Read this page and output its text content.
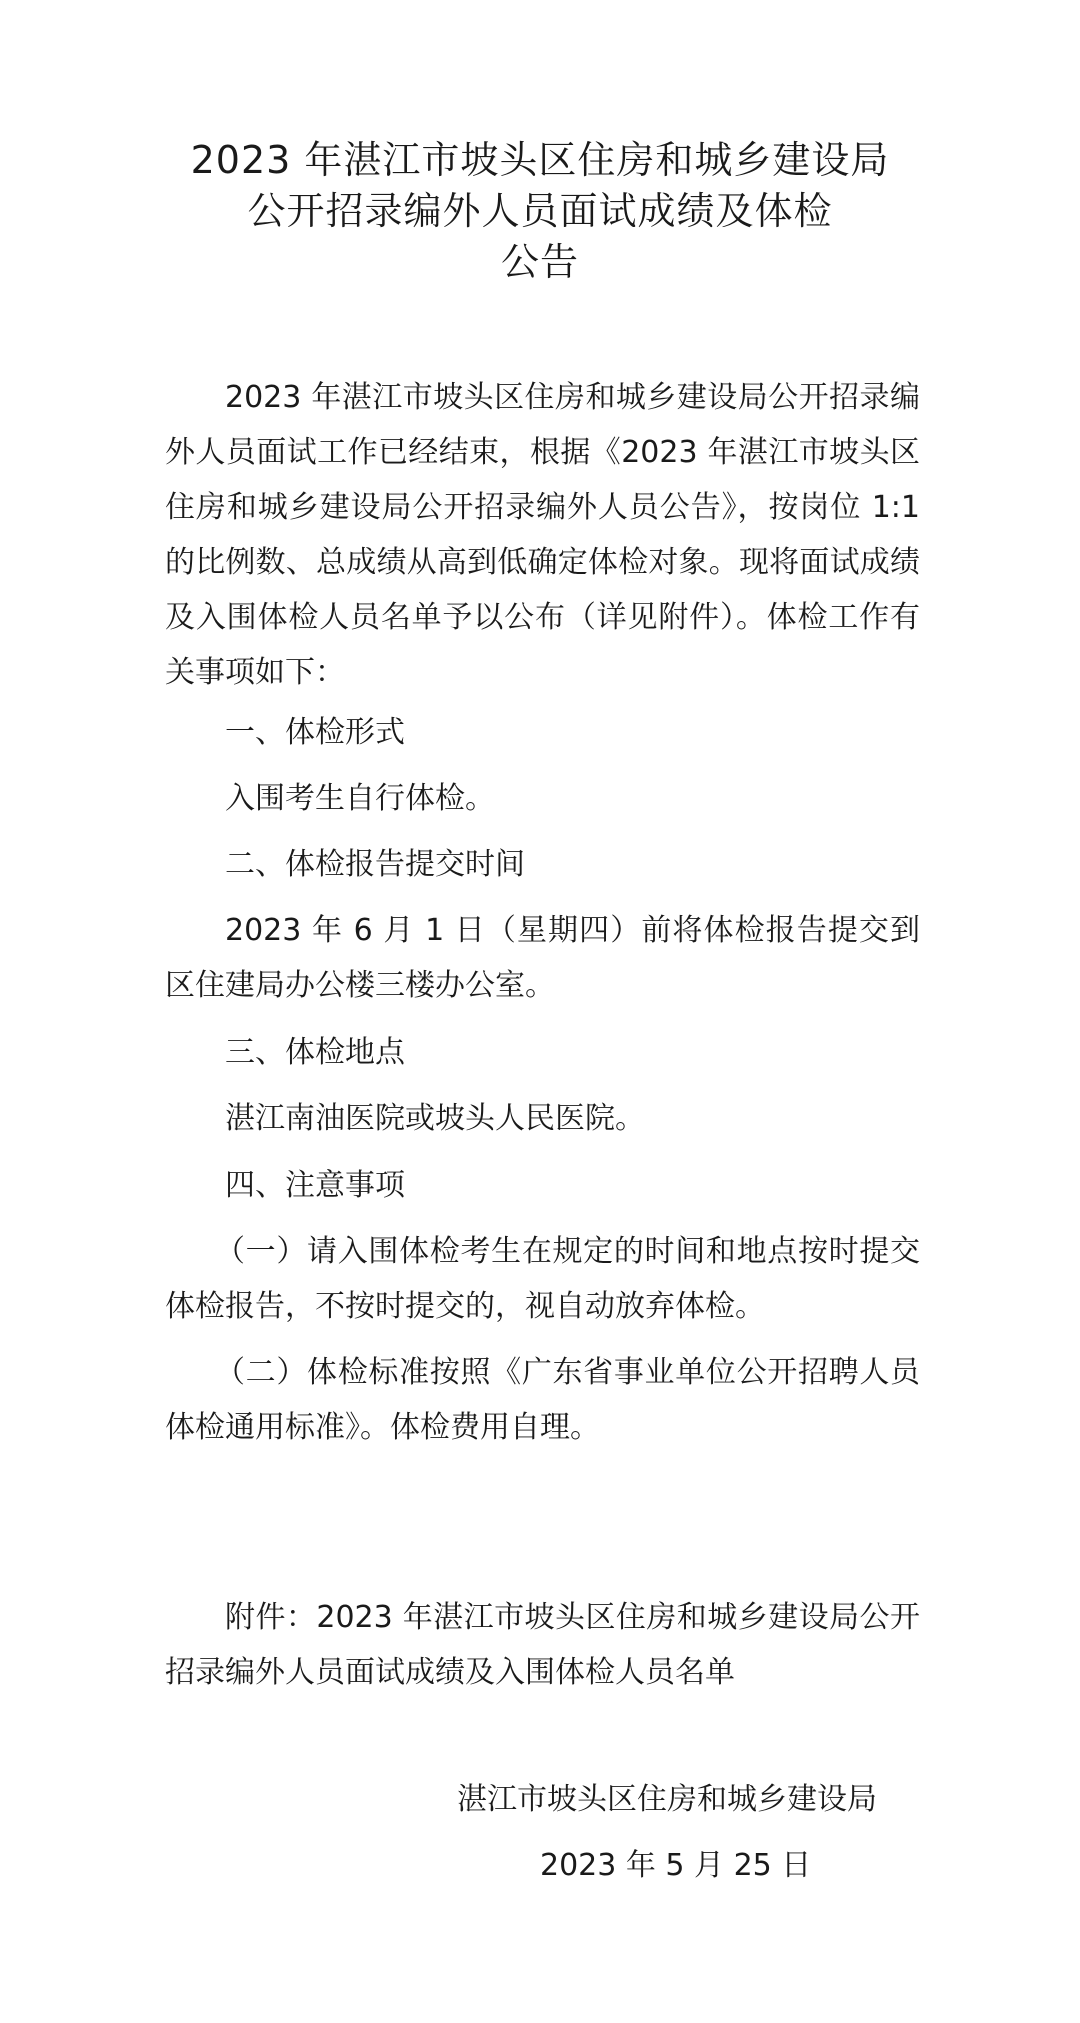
2023 年湛江市坡头区住房和城乡建设局
公开招录编外人员面试成绩及体检
公告
2023 年湛江市坡头区住房和城乡建设局公开招录编外人员面试工作已经结束，根据《2023 年湛江市坡头区住房和城乡建设局公开招录编外人员公告》，按岗位 1:1 的比例数、总成绩从高到低确定体检对象。现将面试成绩及入围体检人员名单予以公布（详见附件）。体检工作有关事项如下：
一、体检形式
入围考生自行体检。
二、体检报告提交时间
2023 年 6 月 1 日（星期四）前将体检报告提交到区住建局办公楼三楼办公室。
三、体检地点
湛江南油医院或坡头人民医院。
四、注意事项
（一）请入围体检考生在规定的时间和地点按时提交体检报告，不按时提交的，视自动放弃体检。
（二）体检标准按照《广东省事业单位公开招聘人员体检通用标准》。体检费用自理。
附件：2023 年湛江市坡头区住房和城乡建设局公开招录编外人员面试成绩及入围体检人员名单
湛江市坡头区住房和城乡建设局
2023 年 5 月 25 日
